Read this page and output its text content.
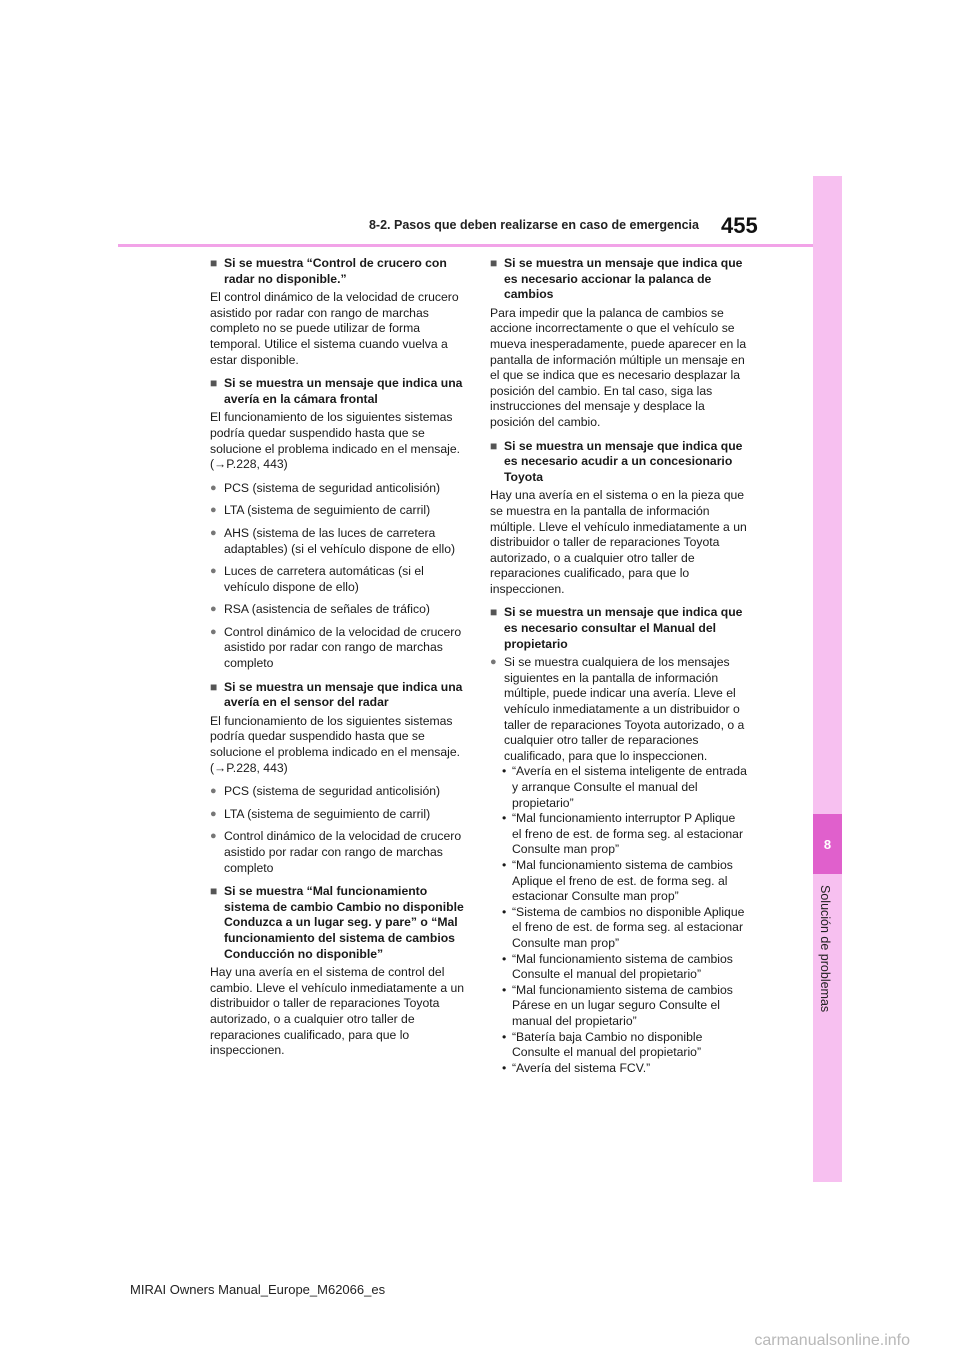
8
Solución de problemas
8-2. Pasos que deben realizarse en caso de emergencia 455
■ Si se muestra “Control de crucero con radar no disponible.”
El control dinámico de la velocidad de crucero asistido por radar con rango de marchas completo no se puede utilizar de forma temporal. Utilice el sistema cuando vuelva a estar disponible.
■ Si se muestra un mensaje que indica una avería en la cámara frontal
El funcionamiento de los siguientes sistemas podría quedar suspendido hasta que se solucione el problema indicado en el mensaje. (→P.228, 443)
● PCS (sistema de seguridad anticolisión)
● LTA (sistema de seguimiento de carril)
● AHS (sistema de las luces de carretera adaptables) (si el vehículo dispone de ello)
● Luces de carretera automáticas (si el vehículo dispone de ello)
● RSA (asistencia de señales de tráfico)
● Control dinámico de la velocidad de crucero asistido por radar con rango de marchas completo
■ Si se muestra un mensaje que indica una avería en el sensor del radar
El funcionamiento de los siguientes sistemas podría quedar suspendido hasta que se solucione el problema indicado en el mensaje. (→P.228, 443)
● PCS (sistema de seguridad anticolisión)
● LTA (sistema de seguimiento de carril)
● Control dinámico de la velocidad de crucero asistido por radar con rango de marchas completo
■ Si se muestra “Mal funcionamiento sistema de cambio Cambio no disponible Conduzca a un lugar seg. y pare” o “Mal funcionamiento del sistema de cambios Conducción no disponible”
Hay una avería en el sistema de control del cambio. Lleve el vehículo inmediatamente a un distribuidor o taller de reparaciones Toyota autorizado, o a cualquier otro taller de reparaciones cualificado, para que lo inspeccionen.
■ Si se muestra un mensaje que indica que es necesario accionar la palanca de cambios
Para impedir que la palanca de cambios se accione incorrectamente o que el vehículo se mueva inesperadamente, puede aparecer en la pantalla de información múltiple un mensaje en el que se indica que es necesario desplazar la posición del cambio. En tal caso, siga las instrucciones del mensaje y desplace la posición del cambio.
■ Si se muestra un mensaje que indica que es necesario acudir a un concesionario Toyota
Hay una avería en el sistema o en la pieza que se muestra en la pantalla de información múltiple. Lleve el vehículo inmediatamente a un distribuidor o taller de reparaciones Toyota autorizado, o a cualquier otro taller de reparaciones cualificado, para que lo inspeccionen.
■ Si se muestra un mensaje que indica que es necesario consultar el Manual del propietario
● Si se muestra cualquiera de los mensajes siguientes en la pantalla de información múltiple, puede indicar una avería. Lleve el vehículo inmediatamente a un distribuidor o taller de reparaciones Toyota autorizado, o a cualquier otro taller de reparaciones cualificado, para que lo inspeccionen.
• “Avería en el sistema inteligente de entrada y arranque Consulte el manual del propietario”
• “Mal funcionamiento interruptor P Aplique el freno de est. de forma seg. al estacionar Consulte man prop”
• “Mal funcionamiento sistema de cambios Aplique el freno de est. de forma seg. al estacionar Consulte man prop”
• “Sistema de cambios no disponible Aplique el freno de est. de forma seg. al estacionar Consulte man prop”
• “Mal funcionamiento sistema de cambios Consulte el manual del propietario”
• “Mal funcionamiento sistema de cambios Párese en un lugar seguro Consulte el manual del propietario”
• “Batería baja Cambio no disponible Consulte el manual del propietario”
• “Avería del sistema FCV.”
MIRAI Owners Manual_Europe_M62066_es
carmanualsonline.info
